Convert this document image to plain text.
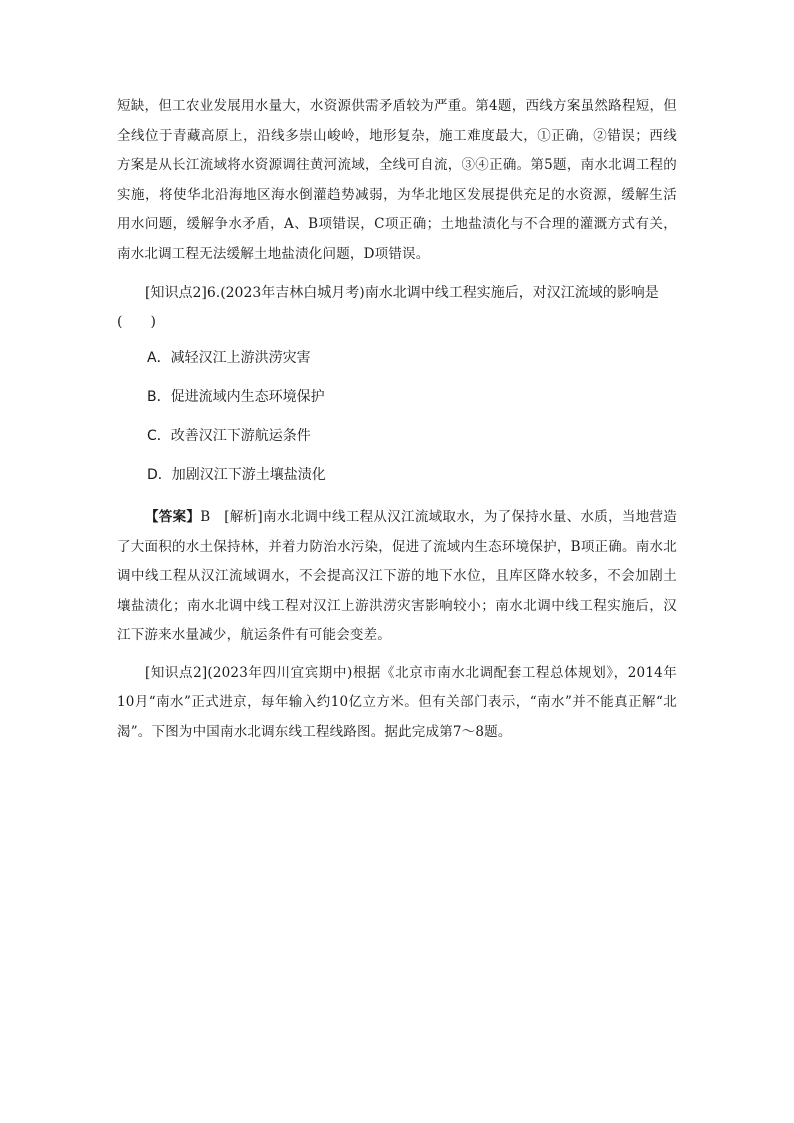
短缺，但工农业发展用水量大，水资源供需矛盾较为严重。第4题，西线方案虽然路程短，但全线位于青藏高原上，沿线多崇山峻岭，地形复杂，施工难度最大，①正确，②错误；西线方案是从长江流域将水资源调往黄河流域，全线可自流，③④正确。第5题，南水北调工程的实施，将使华北沿海地区海水倒灌趋势减弱，为华北地区发展提供充足的水资源，缓解生活用水问题，缓解争水矛盾，A、B项错误，C项正确；土地盐渍化与不合理的灌溉方式有关，南水北调工程无法缓解土地盐渍化问题，D项错误。

[知识点2]6.(2023年吉林白城月考)南水北调中线工程实施后，对汉江流域的影响是(　　)

A．减轻汉江上游洪涝灾害

B．促进流域内生态环境保护

C．改善汉江下游航运条件

D．加剧汉江下游土壤盐渍化

【答案】B　[解析]南水北调中线工程从汉江流域取水，为了保持水量、水质，当地营造了大面积的水土保持林，并着力防治水污染，促进了流域内生态环境保护，B项正确。南水北调中线工程从汉江流域调水，不会提高汉江下游的地下水位，且库区降水较多，不会加剧土壤盐渍化；南水北调中线工程对汉江上游洪涝灾害影响较小；南水北调中线工程实施后，汉江下游来水量减少，航运条件有可能会变差。

[知识点2](2023年四川宜宾期中)根据《北京市南水北调配套工程总体规划》，2014年10月“南水”正式进京，每年输入约10亿立方米。但有关部门表示，“南水”并不能真正解“北渴”。下图为中国南水北调东线工程线路图。据此完成第7～8题。
